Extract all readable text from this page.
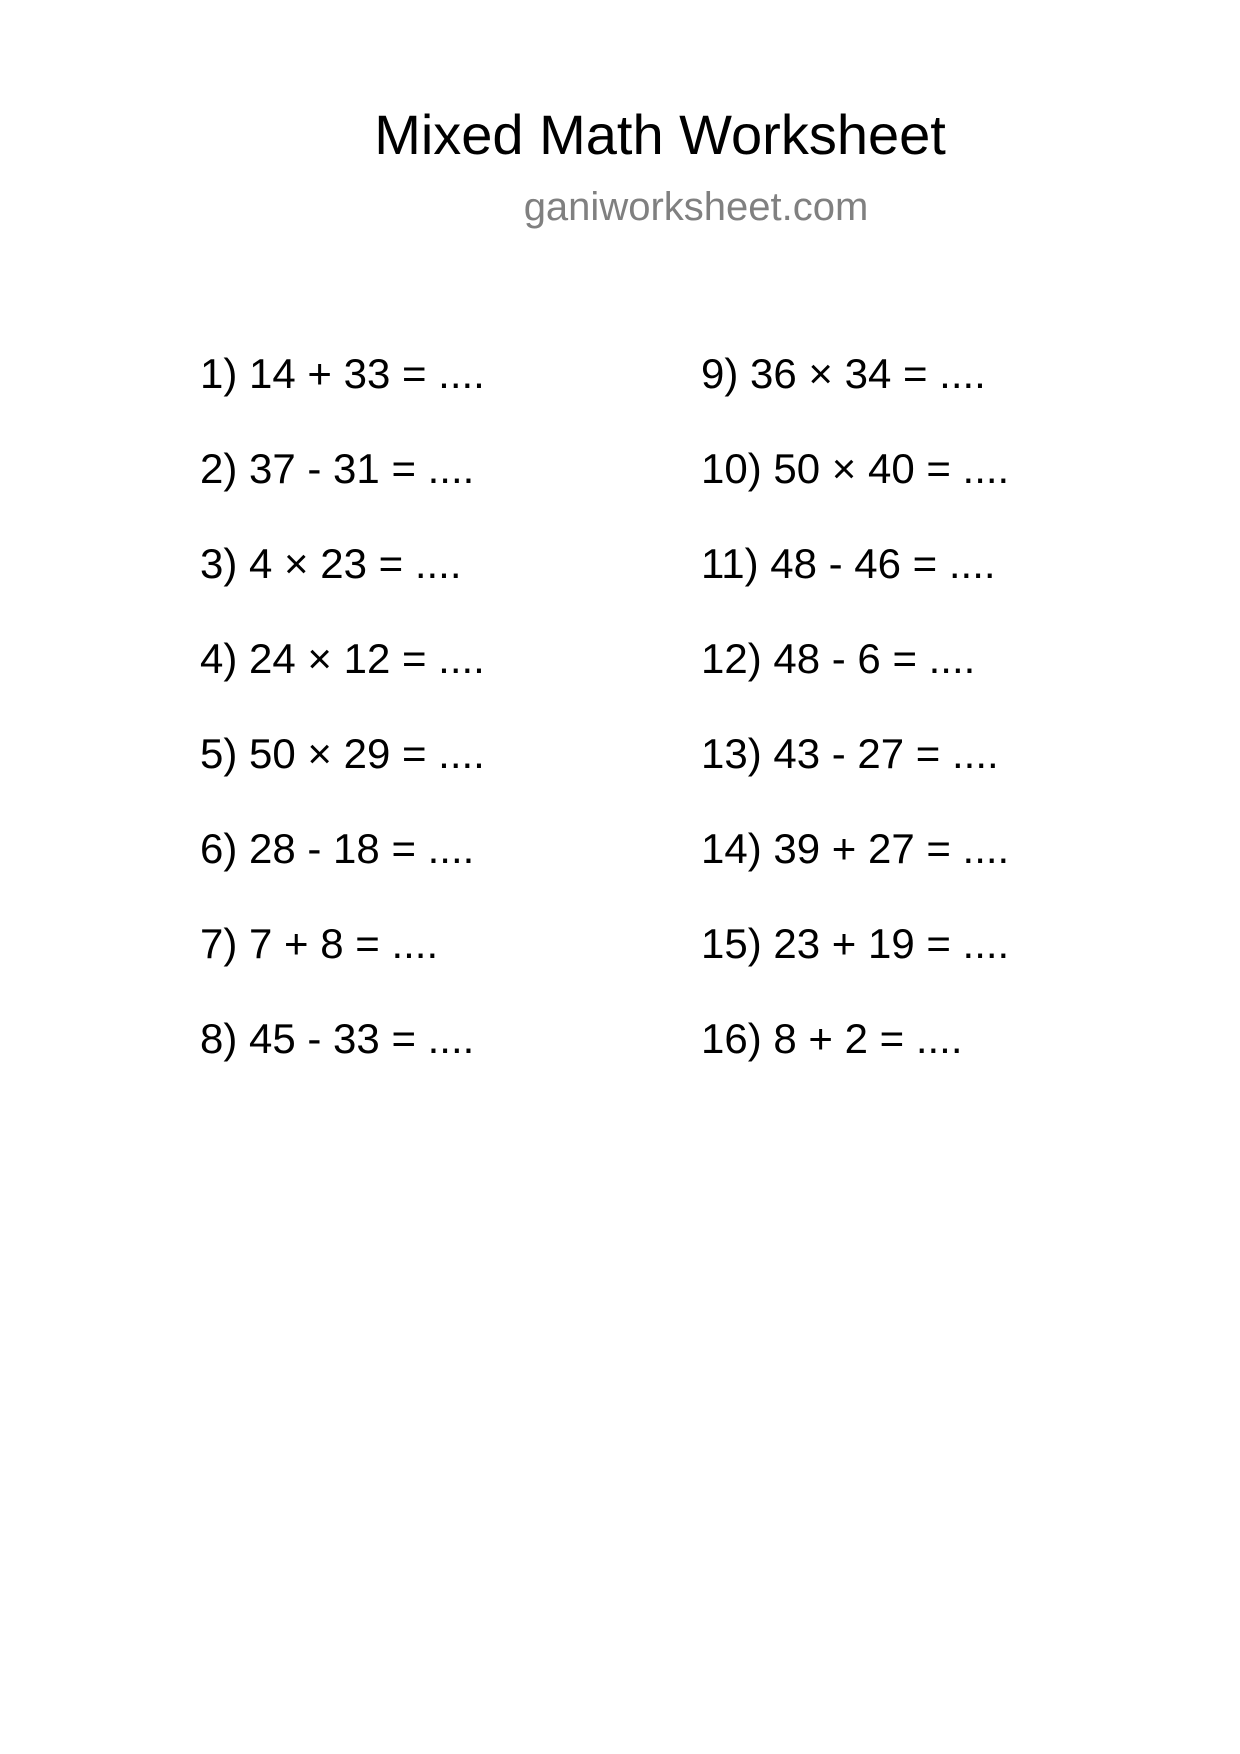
Mixed Math Worksheet

ganiworksheet.com

1) 14 + 33 = ....
2) 37 - 31 = ....
3) 4 × 23 = ....
4) 24 × 12 = ....
5) 50 × 29 = ....
6) 28 - 18 = ....
7) 7 + 8 = ....
8) 45 - 33 = ....
9) 36 × 34 = ....
10) 50 × 40 = ....
11) 48 - 46 = ....
12) 48 - 6 = ....
13) 43 - 27 = ....
14) 39 + 27 = ....
15) 23 + 19 = ....
16) 8 + 2 = ....
